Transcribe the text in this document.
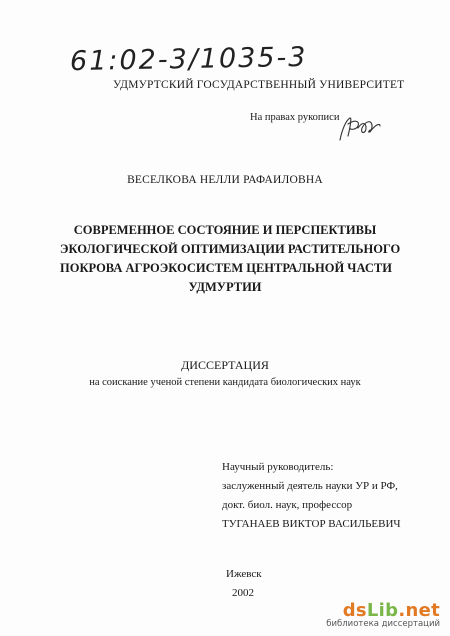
61:02-3/1035-3
УДМУРТСКИЙ ГОСУДАРСТВЕННЫЙ УНИВЕРСИТЕТ
На правах рукописи
ВЕСЕЛКОВА НЕЛЛИ РАФАИЛОВНА
СОВРЕМЕННОЕ СОСТОЯНИЕ И ПЕРСПЕКТИВЫ
ЭКОЛОГИЧЕСКОЙ ОПТИМИЗАЦИИ РАСТИТЕЛЬНОГО
ПОКРОВА АГРОЭКОСИСТЕМ ЦЕНТРАЛЬНОЙ ЧАСТИ
УДМУРТИИ
ДИССЕРТАЦИЯ
на соискание ученой степени кандидата биологических наук
Научный руководитель:
заслуженный деятель науки УР и РФ,
докт. биол. наук, профессор
ТУГАНАЕВ ВИКТОР ВАСИЛЬЕВИЧ
Ижевск
2002
dsLib.net
библиотека диссертаций
